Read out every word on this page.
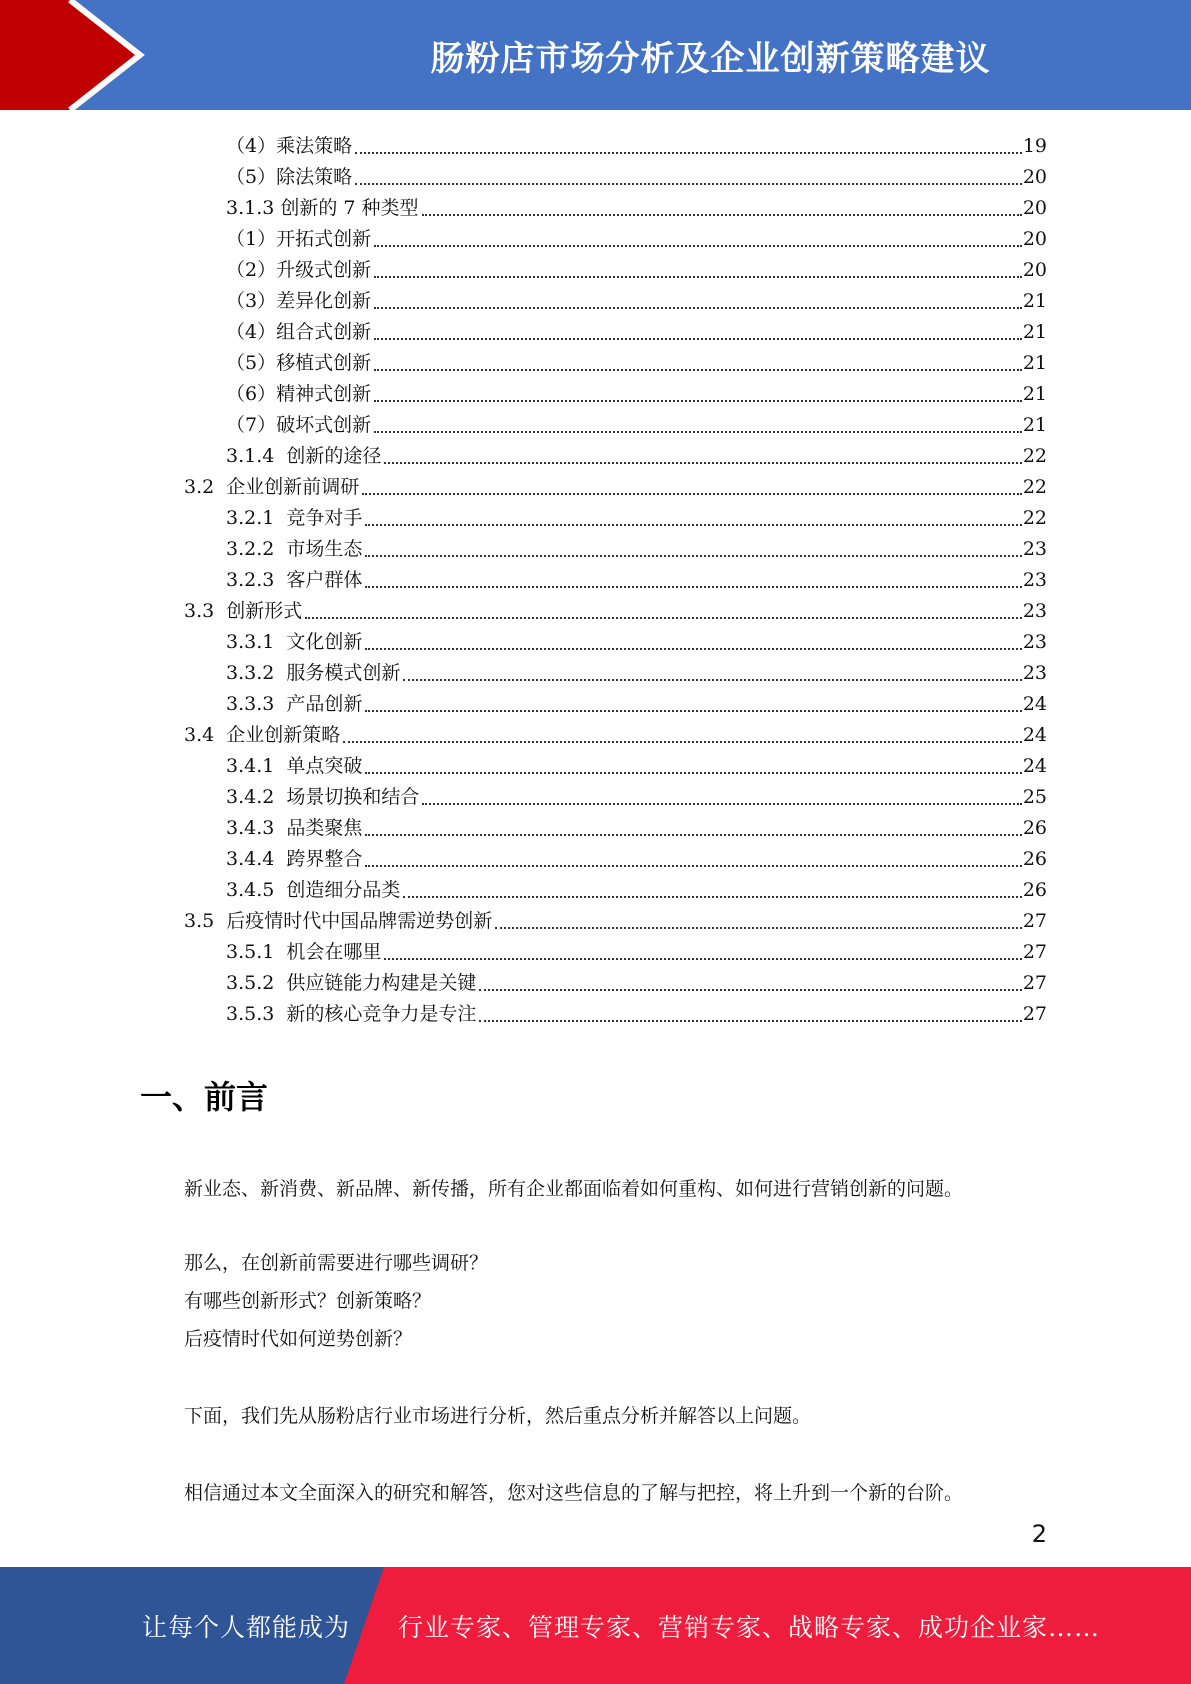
肠粉店市场分析及企业创新策略建议
（4）乘法策略	19
（5）除法策略	20
3.1.3 创新的 7 种类型	20
（1）开拓式创新	20
（2）升级式创新	20
（3）差异化创新	21
（4）组合式创新	21
（5）移植式创新	21
（6）精神式创新	21
（7）破坏式创新	21
3.1.4  创新的途径	22
3.2  企业创新前调研	22
3.2.1  竞争对手	22
3.2.2  市场生态	23
3.2.3  客户群体	23
3.3  创新形式	23
3.3.1  文化创新	23
3.3.2  服务模式创新	23
3.3.3  产品创新	24
3.4  企业创新策略	24
3.4.1  单点突破	24
3.4.2  场景切换和结合	25
3.4.3  品类聚焦	26
3.4.4  跨界整合	26
3.4.5  创造细分品类	26
3.5  后疫情时代中国品牌需逆势创新	27
3.5.1  机会在哪里	27
3.5.2  供应链能力构建是关键	27
3.5.3  新的核心竞争力是专注	27
一、前言

新业态、新消费、新品牌、新传播，所有企业都面临着如何重构、如何进行营销创新的问题。

那么，在创新前需要进行哪些调研？

有哪些创新形式？创新策略？

后疫情时代如何逆势创新？

下面，我们先从肠粉店行业市场进行分析，然后重点分析并解答以上问题。

相信通过本文全面深入的研究和解答，您对这些信息的了解与把控，将上升到一个新的台阶。

2
让每个人都能成为 行业专家、管理专家、营销专家、战略专家、成功企业家……
